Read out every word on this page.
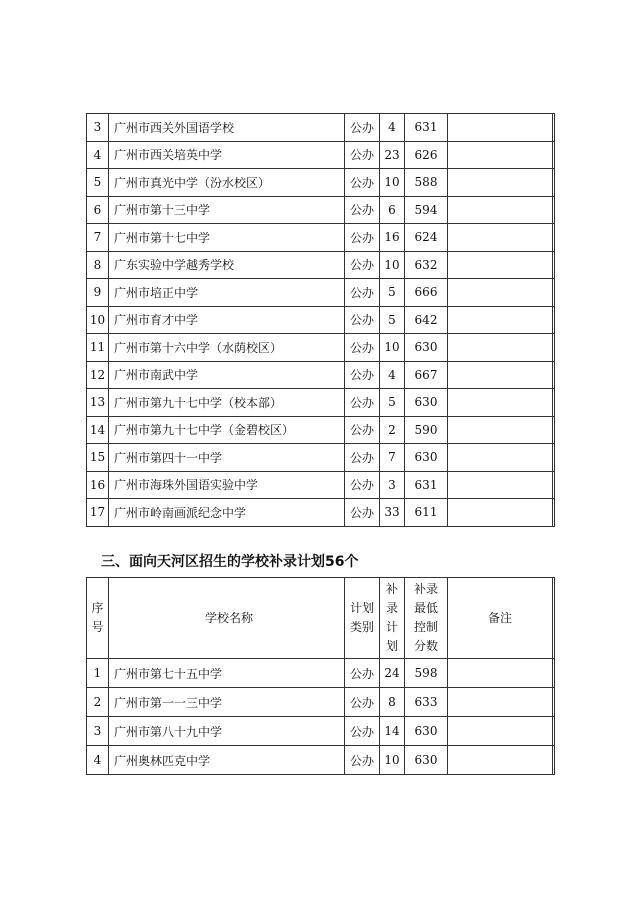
3	广州市西关外国语学校	公办	4	631		
4	广州市西关培英中学	公办	23	626		
5	广州市真光中学（汾水校区）	公办	10	588		
6	广州市第十三中学	公办	6	594		
7	广州市第十七中学	公办	16	624		
8	广东实验中学越秀学校	公办	10	632		
9	广州市培正中学	公办	5	666		
10	广州市育才中学	公办	5	642		
11	广州市第十六中学（水荫校区）	公办	10	630		
12	广州市南武中学	公办	4	667		
13	广州市第九十七中学（校本部）	公办	5	630		
14	广州市第九十七中学（金碧校区）	公办	2	590		
15	广州市第四十一中学	公办	7	630		
16	广州市海珠外国语实验中学	公办	3	631		
17	广州市岭南画派纪念中学	公办	33	611		
三、面向天河区招生的学校补录计划56个
序号	学校名称	计划类别	补录计划	补录最低控制分数	备注	
1	广州市第七十五中学	公办	24	598		
2	广州市第一一三中学	公办	8	633		
3	广州市第八十九中学	公办	14	630		
4	广州奥林匹克中学	公办	10	630		
